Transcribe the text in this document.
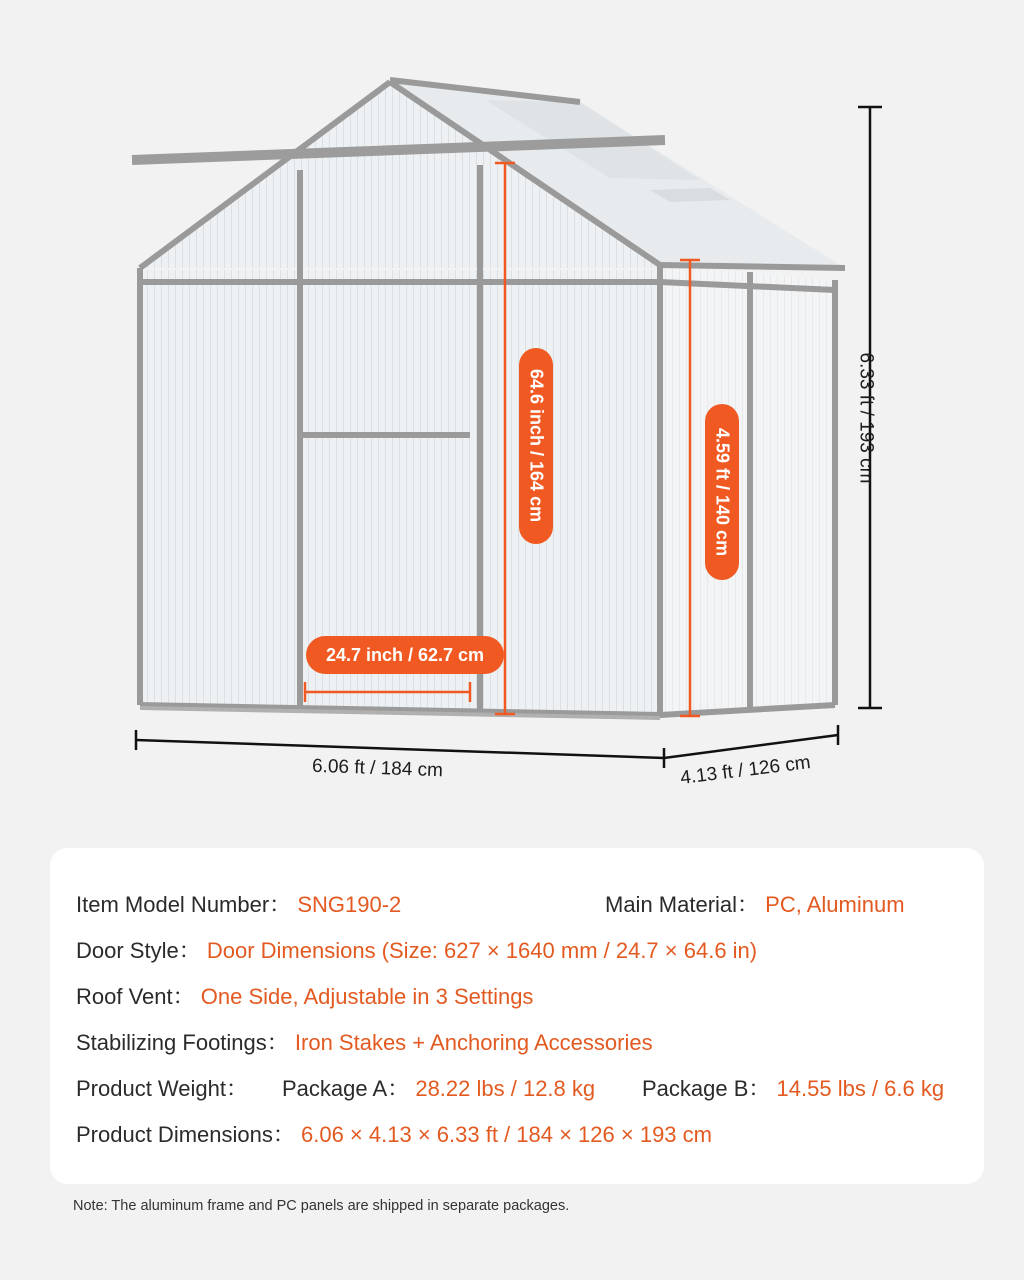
64.6 inch / 164 cm	4.59 ft / 140 cm
24.7 inch / 62.7 cm
6.06 ft / 184 cm	4.13 ft / 126 cm
6.33 ft / 193 cm
Item Model Number： SNG190-2	Main Material： PC, Aluminum
Door Style： Door Dimensions (Size: 627 × 1640 mm / 24.7 × 64.6 in)
Roof Vent： One Side, Adjustable in 3 Settings
Stabilizing Footings： Iron Stakes + Anchoring Accessories
Product Weight： Package A： 28.22 lbs / 12.8 kg Package B： 14.55 lbs / 6.6 kg
Product Dimensions： 6.06 × 4.13 × 6.33 ft / 184 × 126 × 193 cm
Note: The aluminum frame and PC panels are shipped in separate packages.
